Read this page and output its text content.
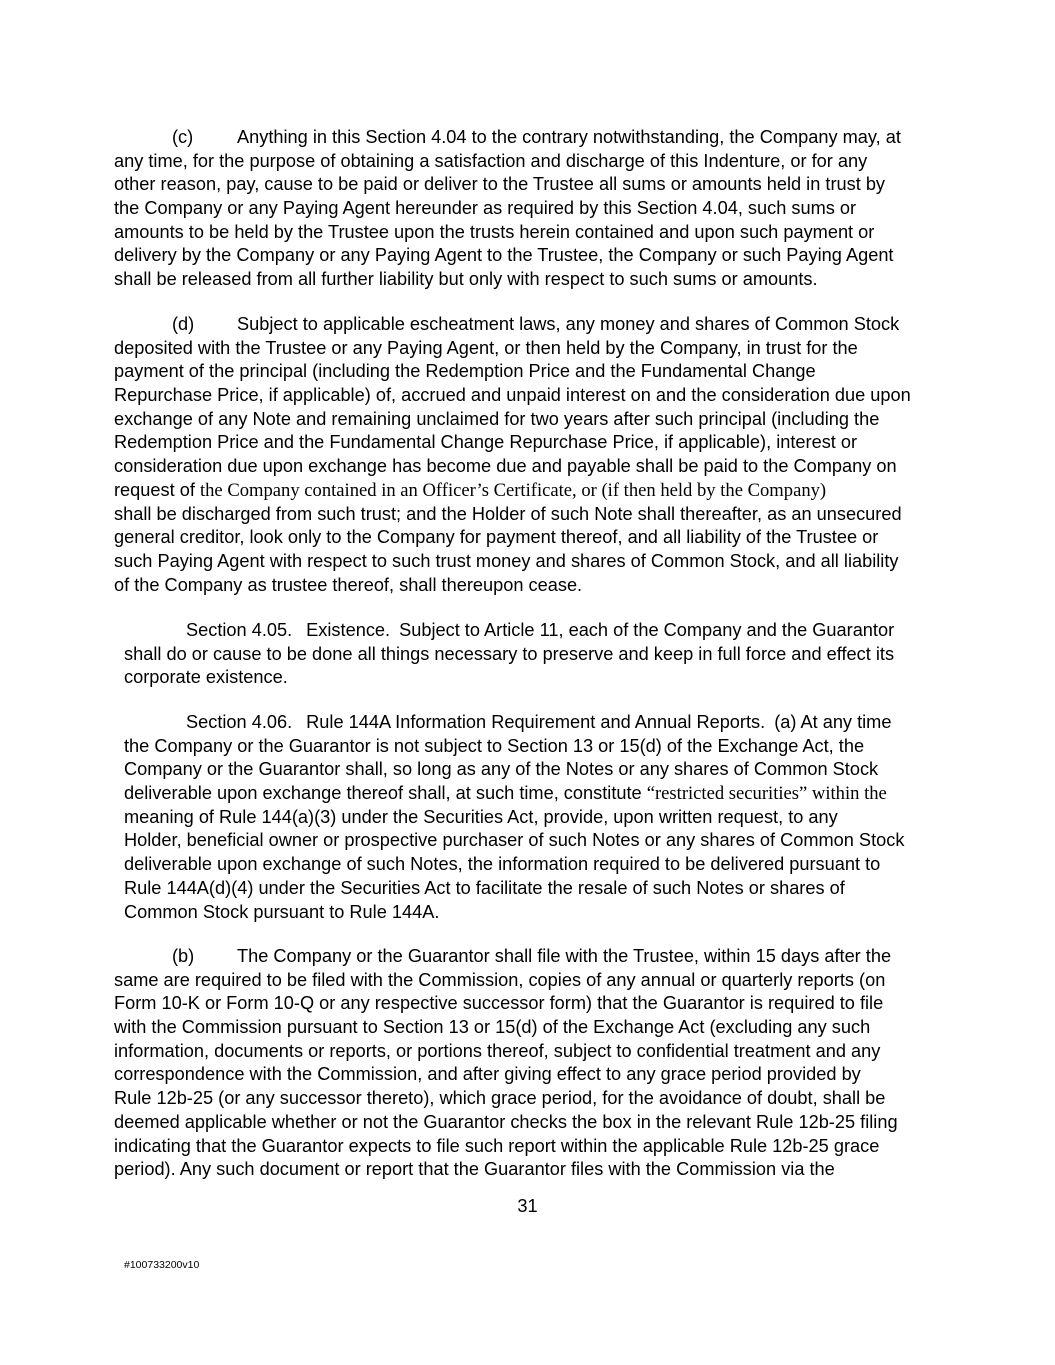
(c) Anything in this Section 4.04 to the contrary notwithstanding, the Company may, at
any time, for the purpose of obtaining a satisfaction and discharge of this Indenture, or for any
other reason, pay, cause to be paid or deliver to the Trustee all sums or amounts held in trust by
the Company or any Paying Agent hereunder as required by this Section 4.04, such sums or
amounts to be held by the Trustee upon the trusts herein contained and upon such payment or
delivery by the Company or any Paying Agent to the Trustee, the Company or such Paying Agent
shall be released from all further liability but only with respect to such sums or amounts.
(d) Subject to applicable escheatment laws, any money and shares of Common Stock
deposited with the Trustee or any Paying Agent, or then held by the Company, in trust for the
payment of the principal (including the Redemption Price and the Fundamental Change
Repurchase Price, if applicable) of, accrued and unpaid interest on and the consideration due upon
exchange of any Note and remaining unclaimed for two years after such principal (including the
Redemption Price and the Fundamental Change Repurchase Price, if applicable), interest or
consideration due upon exchange has become due and payable shall be paid to the Company on
request of the Company contained in an Officer’s Certificate, or (if then held by the Company)
shall be discharged from such trust; and the Holder of such Note shall thereafter, as an unsecured
general creditor, look only to the Company for payment thereof, and all liability of the Trustee or
such Paying Agent with respect to such trust money and shares of Common Stock, and all liability
of the Company as trustee thereof, shall thereupon cease.
Section 4.05. Existence. Subject to Article 11, each of the Company and the Guarantor
shall do or cause to be done all things necessary to preserve and keep in full force and effect its
corporate existence.
Section 4.06. Rule 144A Information Requirement and Annual Reports. (a) At any time
the Company or the Guarantor is not subject to Section 13 or 15(d) of the Exchange Act, the
Company or the Guarantor shall, so long as any of the Notes or any shares of Common Stock
deliverable upon exchange thereof shall, at such time, constitute “restricted securities” within the
meaning of Rule 144(a)(3) under the Securities Act, provide, upon written request, to any
Holder, beneficial owner or prospective purchaser of such Notes or any shares of Common Stock
deliverable upon exchange of such Notes, the information required to be delivered pursuant to
Rule 144A(d)(4) under the Securities Act to facilitate the resale of such Notes or shares of
Common Stock pursuant to Rule 144A.
(b) The Company or the Guarantor shall file with the Trustee, within 15 days after the
same are required to be filed with the Commission, copies of any annual or quarterly reports (on
Form 10-K or Form 10-Q or any respective successor form) that the Guarantor is required to file
with the Commission pursuant to Section 13 or 15(d) of the Exchange Act (excluding any such
information, documents or reports, or portions thereof, subject to confidential treatment and any
correspondence with the Commission, and after giving effect to any grace period provided by
Rule 12b-25 (or any successor thereto), which grace period, for the avoidance of doubt, shall be
deemed applicable whether or not the Guarantor checks the box in the relevant Rule 12b-25 filing
indicating that the Guarantor expects to file such report within the applicable Rule 12b-25 grace
period). Any such document or report that the Guarantor files with the Commission via the
31
#100733200v10
